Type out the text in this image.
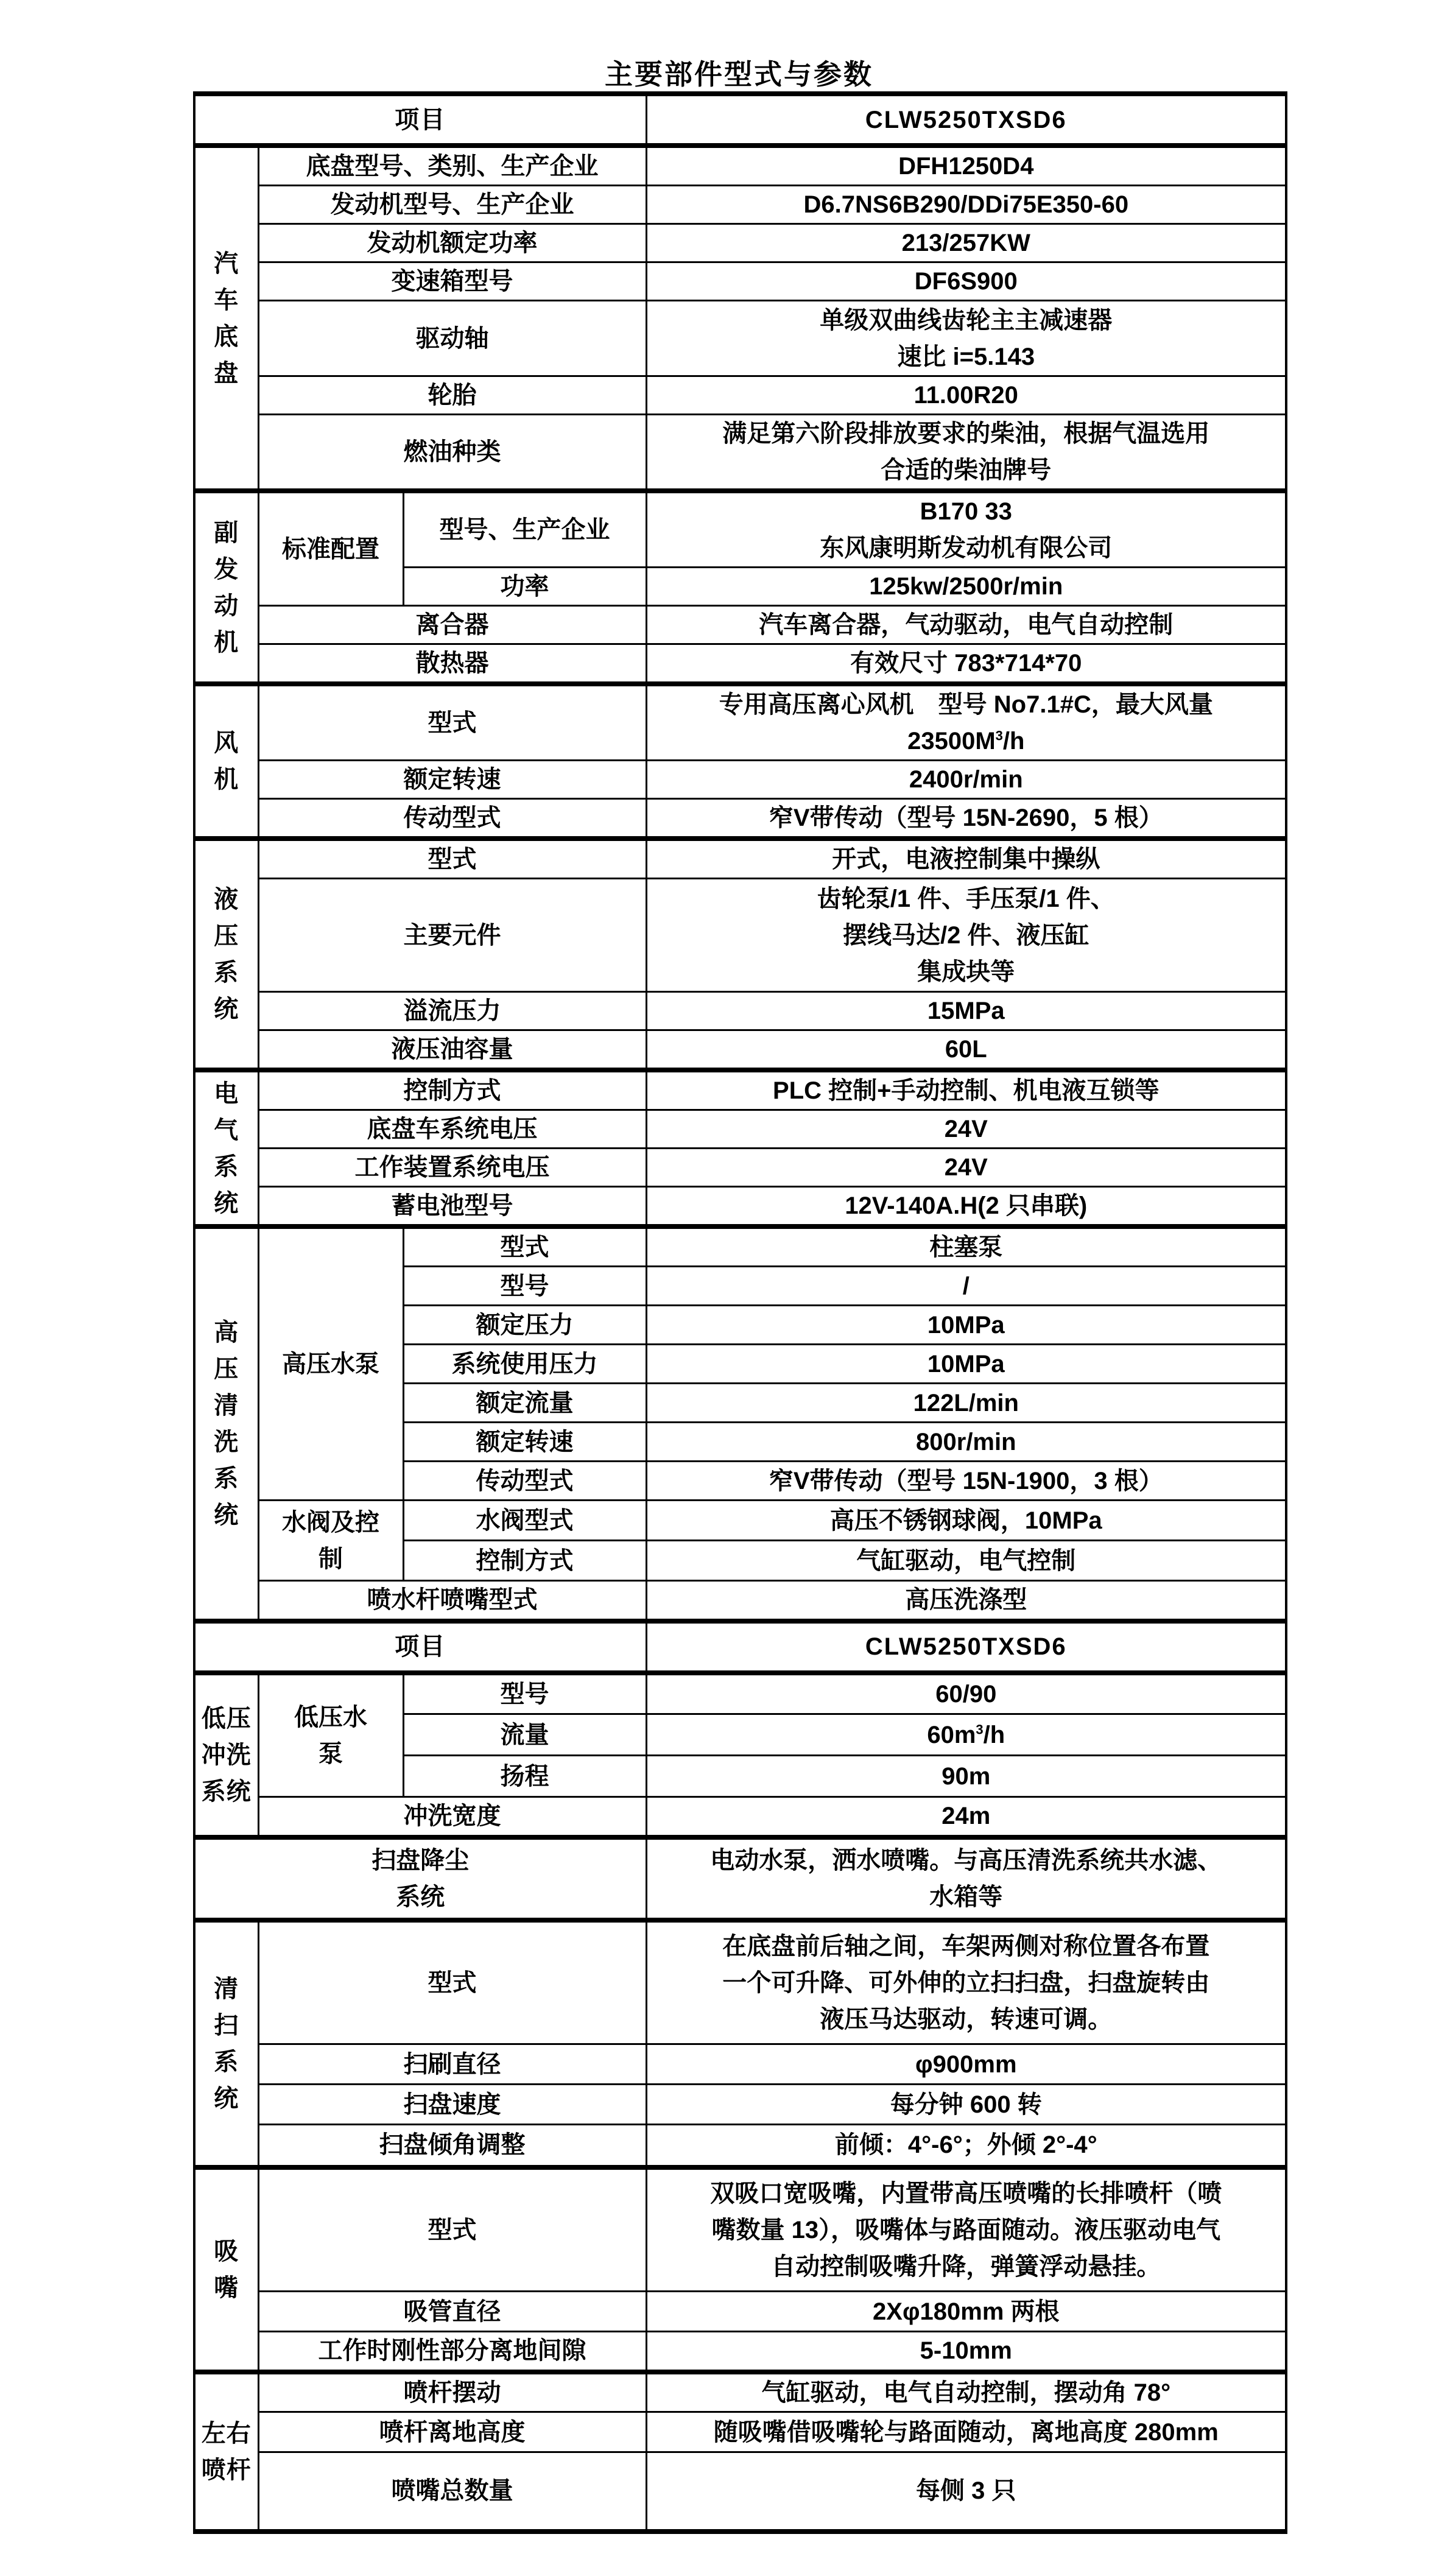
主要部件型式与参数
项目			CLW5250TXSD6
汽
车
底
盘	底盘型号、类别、生产企业		DFH1250D4
	发动机型号、生产企业		D6.7NS6B290/DDi75E350-60
	发动机额定功率		213/257KW
	变速箱型号		DF6S900
	驱动轴		单级双曲线齿轮主主减速器
速比 i=5.143
	轮胎		11.00R20
	燃油种类		满足第六阶段排放要求的柴油，根据气温选用
合适的柴油牌号
副
发
动
机	标准配置	型号、生产企业	B170 33
东风康明斯发动机有限公司
		功率	125kw/2500r/min
	离合器		汽车离合器，气动驱动，电气自动控制
	散热器		有效尺寸 783*714*70
风
机	型式		专用高压离心风机　型号 No7.1#C，最大风量
$23500M^3/h$
	额定转速		2400r/min
	传动型式		窄V带传动（型号 15N-2690，5 根）
液
压
系
统	型式		开式，电液控制集中操纵
	主要元件		齿轮泵/1 件、手压泵/1 件、
摆线马达/2 件、液压缸
集成块等
	溢流压力		15MPa
	液压油容量		60L
电
气
系
统	控制方式		PLC 控制+手动控制、机电液互锁等
	底盘车系统电压		24V
	工作装置系统电压		24V
	蓄电池型号		12V-140A.H(2 只串联)
高
压
清
洗
系
统	高压水泵	型式	柱塞泵
		型号	/
		额定压力	10MPa
		系统使用压力	10MPa
		额定流量	122L/min
		额定转速	800r/min
		传动型式	窄V带传动（型号 15N-1900，3 根）
	水阀及控
制	水阀型式	高压不锈钢球阀，10MPa
		控制方式	气缸驱动，电气控制
	喷水杆喷嘴型式		高压洗涤型
项目			CLW5250TXSD6
低压
冲洗
系统	低压水
泵	型号	60/90
		流量	$60m^3/h$
		扬程	90m
	冲洗宽度		24m
扫盘降尘
系统			电动水泵，洒水喷嘴。与高压清洗系统共水滤、
水箱等
清
扫
系
统	型式		在底盘前后轴之间，车架两侧对称位置各布置
一个可升降、可外伸的立扫扫盘，扫盘旋转由
液压马达驱动，转速可调。
	扫刷直径		φ900mm
	扫盘速度		每分钟 600 转
	扫盘倾角调整		前倾：4°-6°；外倾 2°-4°
吸
嘴	型式		双吸口宽吸嘴，内置带高压喷嘴的长排喷杆（喷
嘴数量 13），吸嘴体与路面随动。液压驱动电气
自动控制吸嘴升降，弹簧浮动悬挂。
	吸管直径		2Xφ180mm 两根
	工作时刚性部分离地间隙		5-10mm
左右
喷杆	喷杆摆动		气缸驱动，电气自动控制，摆动角 78°
	喷杆离地高度		随吸嘴借吸嘴轮与路面随动，离地高度 280mm
	喷嘴总数量		每侧 3 只
